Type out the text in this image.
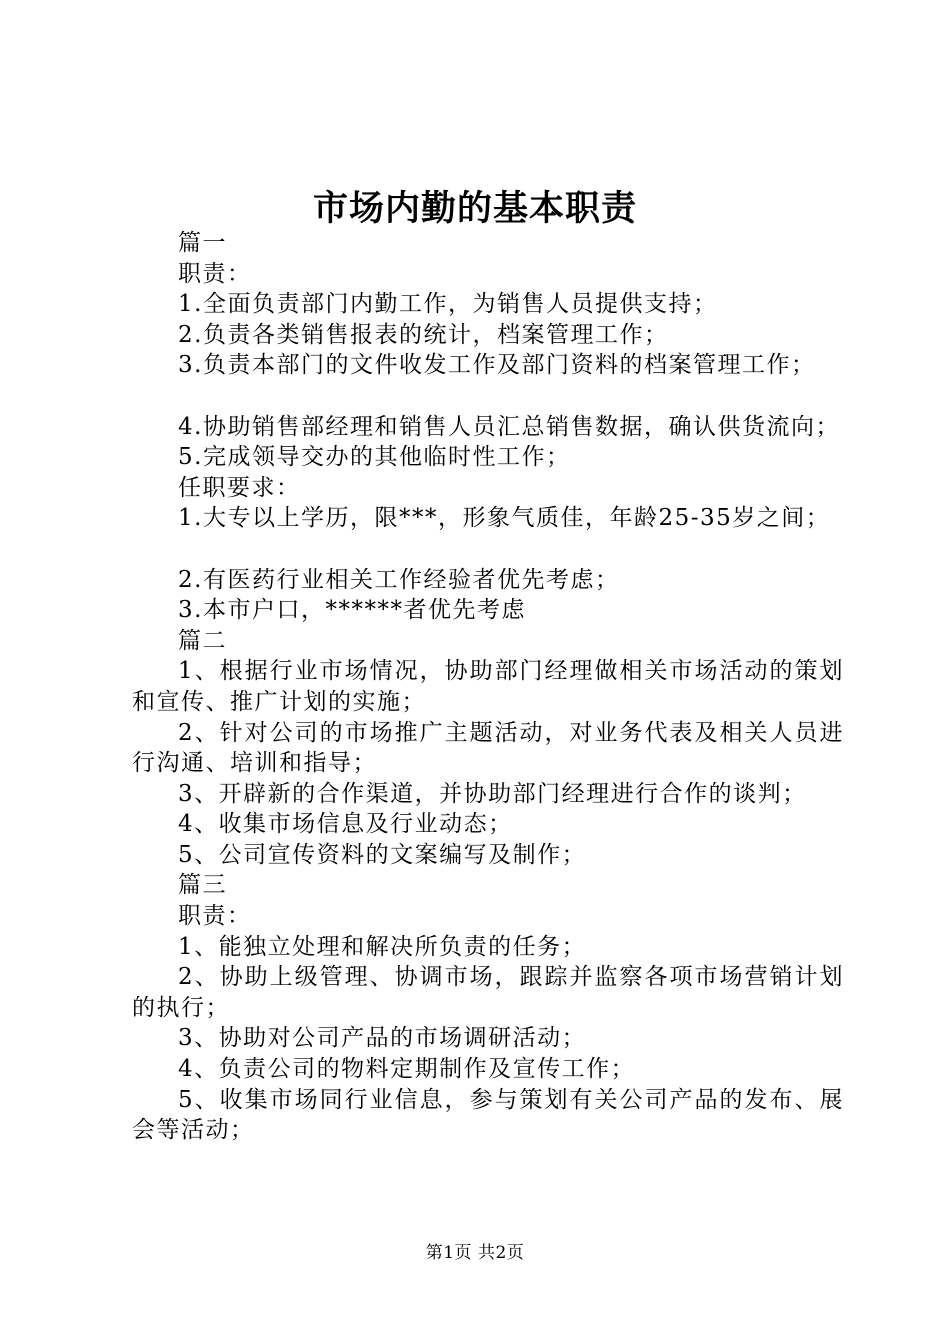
市场内勤的基本职责

篇一

职责：

1.全面负责部门内勤工作，为销售人员提供支持；

2.负责各类销售报表的统计，档案管理工作；

3.负责本部门的文件收发工作及部门资料的档案管理工作；

4.协助销售部经理和销售人员汇总销售数据，确认供货流向；

5.完成领导交办的其他临时性工作；

任职要求：

1.大专以上学历，限***，形象气质佳，年龄25-35岁之间；

2.有医药行业相关工作经验者优先考虑；

3.本市户口，******者优先考虑

篇二

1、根据行业市场情况，协助部门经理做相关市场活动的策划和宣传、推广计划的实施；

2、针对公司的市场推广主题活动，对业务代表及相关人员进行沟通、培训和指导；

3、开辟新的合作渠道，并协助部门经理进行合作的谈判；

4、收集市场信息及行业动态；

5、公司宣传资料的文案编写及制作；

篇三

职责：

1、能独立处理和解决所负责的任务；

2、协助上级管理、协调市场，跟踪并监察各项市场营销计划的执行；

3、协助对公司产品的市场调研活动；

4、负责公司的物料定期制作及宣传工作；

5、收集市场同行业信息，参与策划有关公司产品的发布、展会等活动；

第1页 共2页
